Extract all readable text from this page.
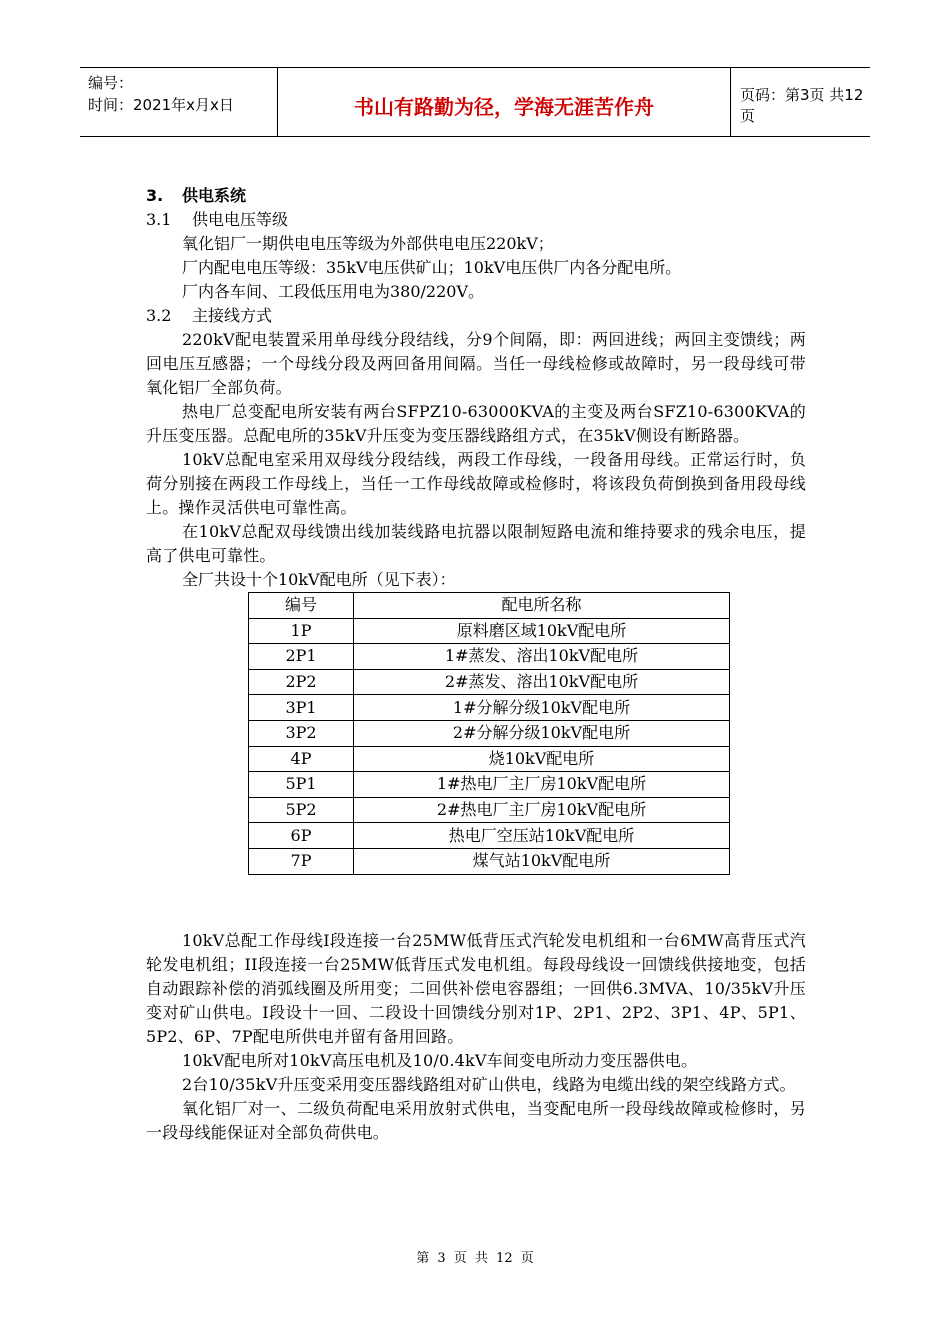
编号：
时间：2021年x月x日	书山有路勤为径，学海无涯苦作舟	页码：第3页 共12页
3. 供电系统
3.1 供电电压等级

氧化铝厂一期供电电压等级为外部供电电压220kV；

厂内配电电压等级：35kV电压供矿山；10kV电压供厂内各分配电所。

厂内各车间、工段低压用电为380/220V。

3.2 主接线方式

220kV配电装置采用单母线分段结线，分9个间隔，即：两回进线；两回主变馈线；两回电压互感器；一个母线分段及两回备用间隔。当任一母线检修或故障时，另一段母线可带氧化铝厂全部负荷。

热电厂总变配电所安装有两台SFPZ10-63000KVA的主变及两台SFZ10-6300KVA的升压变压器。总配电所的35kV升压变为变压器线路组方式，在35kV侧设有断路器。

10kV总配电室采用双母线分段结线，两段工作母线，一段备用母线。正常运行时，负荷分别接在两段工作母线上，当任一工作母线故障或检修时，将该段负荷倒换到备用段母线上。操作灵活供电可靠性高。

在10kV总配双母线馈出线加装线路电抗器以限制短路电流和维持要求的残余电压，提高了供电可靠性。

全厂共设十个10kV配电所（见下表）：

编号	配电所名称
1P	原料磨区域10kV配电所
2P1	1#蒸发、溶出10kV配电所
2P2	2#蒸发、溶出10kV配电所
3P1	1#分解分级10kV配电所
3P2	2#分解分级10kV配电所
4P	烧10kV配电所
5P1	1#热电厂主厂房10kV配电所
5P2	2#热电厂主厂房10kV配电所
6P	热电厂空压站10kV配电所
7P	煤气站10kV配电所

10kV总配工作母线I段连接一台25MW低背压式汽轮发电机组和一台6MW高背压式汽轮发电机组；II段连接一台25MW低背压式发电机组。每段母线设一回馈线供接地变，包括自动跟踪补偿的消弧线圈及所用变；二回供补偿电容器组；一回供6.3MVA、10/35kV升压变对矿山供电。I段设十一回、二段设十回馈线分别对1P、2P1、2P2、3P1、4P、5P1、5P2、6P、7P配电所供电并留有备用回路。

10kV配电所对10kV高压电机及10/0.4kV车间变电所动力变压器供电。

2台10/35kV升压变采用变压器线路组对矿山供电，线路为电缆出线的架空线路方式。

氧化铝厂对一、二级负荷配电采用放射式供电，当变配电所一段母线故障或检修时，另一段母线能保证对全部负荷供电。

第 3 页 共 12 页
